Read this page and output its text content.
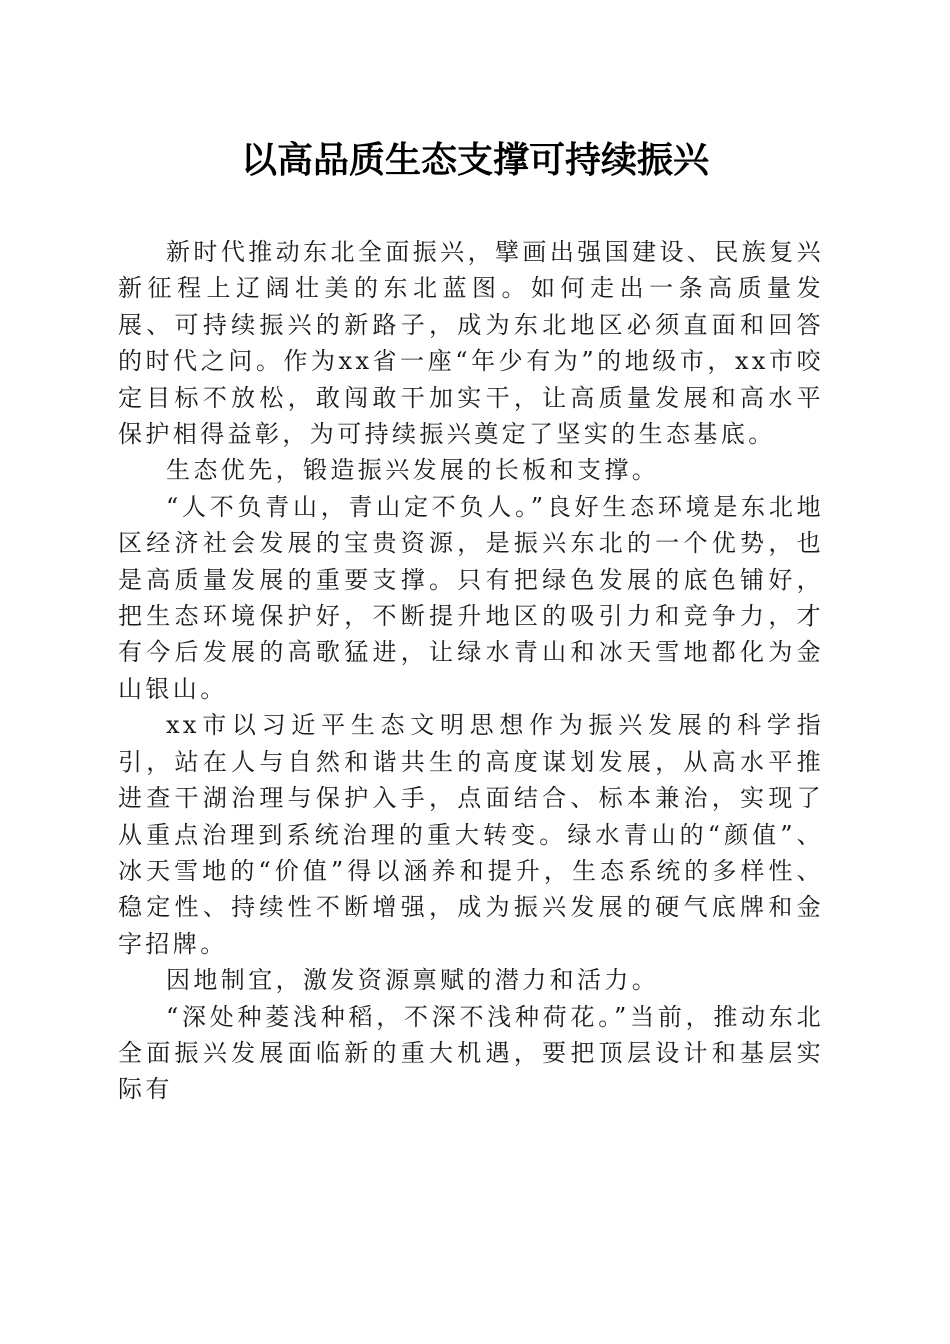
以高品质生态支撑可持续振兴

新时代推动东北全面振兴，擘画出强国建设、民族复兴新征程上辽阔壮美的东北蓝图。如何走出一条高质量发展、可持续振兴的新路子，成为东北地区必须直面和回答的时代之问。作为xx省一座“年少有为”的地级市，xx市咬定目标不放松，敢闯敢干加实干，让高质量发展和高水平保护相得益彰，为可持续振兴奠定了坚实的生态基底。

生态优先，锻造振兴发展的长板和支撑。

“人不负青山，青山定不负人。”良好生态环境是东北地区经济社会发展的宝贵资源，是振兴东北的一个优势，也是高质量发展的重要支撑。只有把绿色发展的底色铺好，把生态环境保护好，不断提升地区的吸引力和竞争力，才有今后发展的高歌猛进，让绿水青山和冰天雪地都化为金山银山。

xx市以习近平生态文明思想作为振兴发展的科学指引，站在人与自然和谐共生的高度谋划发展，从高水平推进查干湖治理与保护入手，点面结合、标本兼治，实现了从重点治理到系统治理的重大转变。绿水青山的“颜值”、冰天雪地的“价值”得以涵养和提升，生态系统的多样性、稳定性、持续性不断增强，成为振兴发展的硬气底牌和金字招牌。

因地制宜，激发资源禀赋的潜力和活力。

“深处种菱浅种稻，不深不浅种荷花。”当前，推动东北全面振兴发展面临新的重大机遇，要把顶层设计和基层实际有
